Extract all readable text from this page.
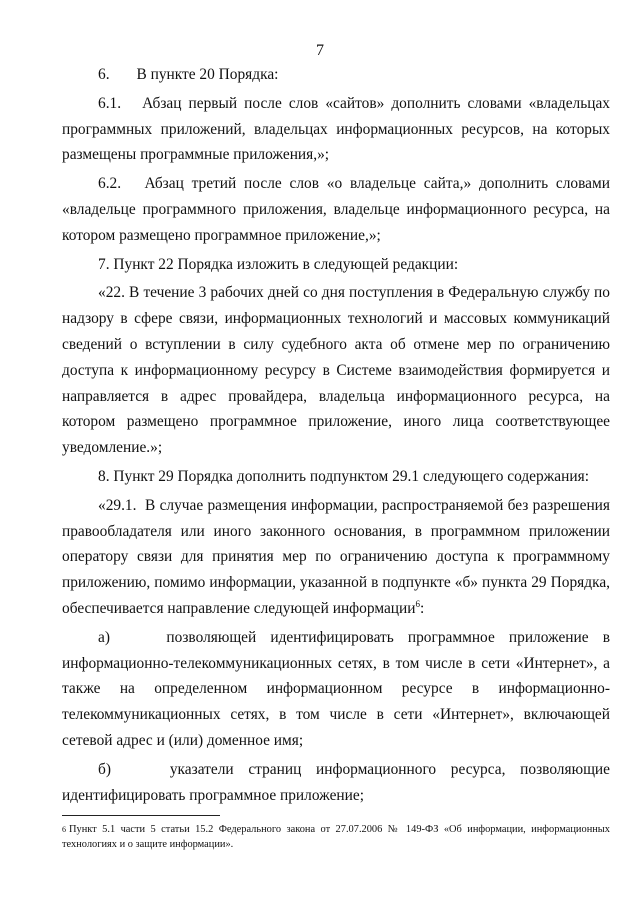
7

6.       В пункте 20 Порядка:

6.1.   Абзац первый после слов «сайтов» дополнить словами «владельцах программных приложений, владельцах информационных ресурсов, на которых размещены программные приложения,»;

6.2.   Абзац третий после слов «о владельце сайта,» дополнить словами «владельце программного приложения, владельце информационного ресурса, на котором размещено программное приложение,»;

7. Пункт 22 Порядка изложить в следующей редакции:

«22. В течение 3 рабочих дней со дня поступления в Федеральную службу по надзору в сфере связи, информационных технологий и массовых коммуникаций сведений о вступлении в силу судебного акта об отмене мер по ограничению доступа к информационному ресурсу в Системе взаимодействия формируется и направляется в адрес провайдера, владельца информационного ресурса, на котором размещено программное приложение, иного лица соответствующее уведомление.»;

8. Пункт 29 Порядка дополнить подпунктом 29.1 следующего содержания:

«29.1.  В случае размещения информации, распространяемой без разрешения правообладателя или иного законного основания, в программном приложении оператору связи для принятия мер по ограничению доступа к программному приложению, помимо информации, указанной в подпункте «б» пункта 29 Порядка, обеспечивается направление следующей информации$^6$:

а)    позволяющей идентифицировать программное приложение в информационно-телекоммуникационных сетях, в том числе в сети «Интернет», а также на определенном информационном ресурсе в информационно-телекоммуникационных сетях, в том числе в сети «Интернет», включающей сетевой адрес и (или) доменное имя;

б)    указатели страниц информационного ресурса, позволяющие идентифицировать программное приложение;

$^6$ Пункт 5.1 части 5 статьи 15.2 Федерального закона от 27.07.2006 № 149-ФЗ «Об информации, информационных технологиях и о защите информации».
